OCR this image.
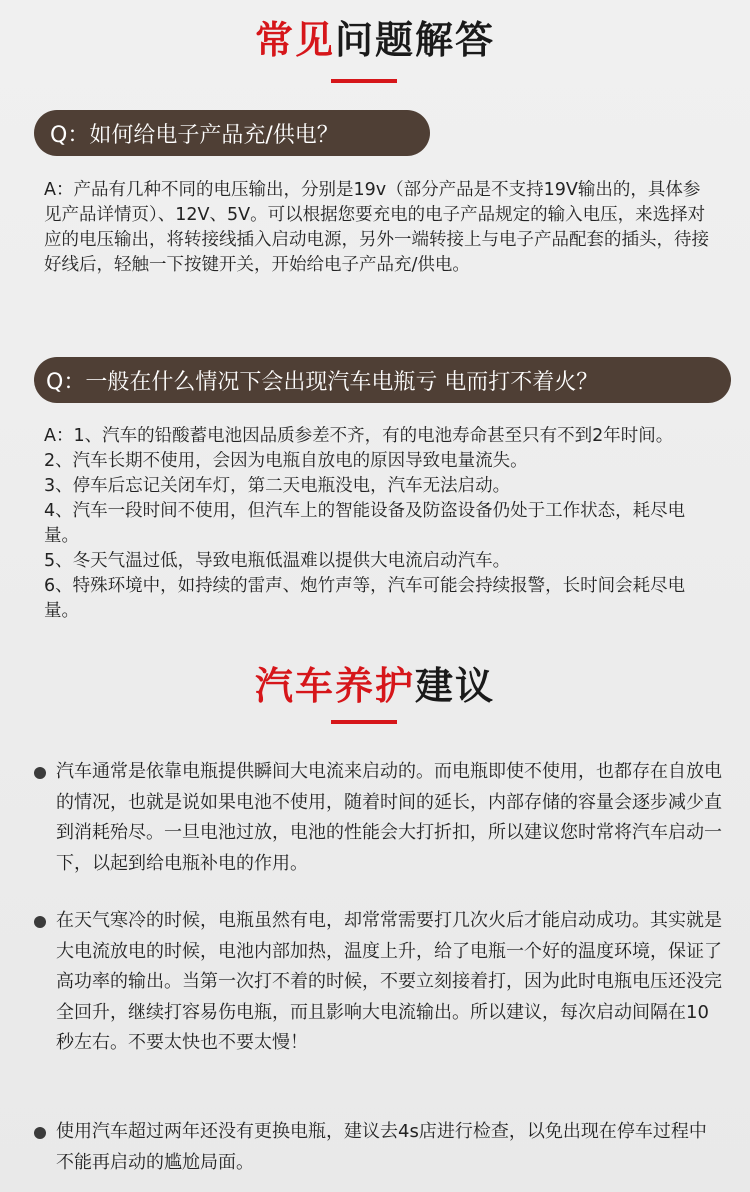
常见问题解答
Q：如何给电子产品充/供电？

A：产品有几种不同的电压输出，分别是19v（部分产品是不支持19V输出的，具体参见产品详情页）、12V、5V。可以根据您要充电的电子产品规定的输入电压，来选择对应的电压输出，将转接线插入启动电源，另外一端转接上与电子产品配套的插头，待接好线后，轻触一下按键开关，开始给电子产品充/供电。

Q：一般在什么情况下会出现汽车电瓶亏 电而打不着火？

A：1、汽车的铅酸蓄电池因品质参差不齐，有的电池寿命甚至只有不到2年时间。

2、汽车长期不使用，会因为电瓶自放电的原因导致电量流失。

3、停车后忘记关闭车灯，第二天电瓶没电，汽车无法启动。

4、汽车一段时间不使用，但汽车上的智能设备及防盗设备仍处于工作状态，耗尽电量。

5、冬天气温过低，导致电瓶低温难以提供大电流启动汽车。

6、特殊环境中，如持续的雷声、炮竹声等，汽车可能会持续报警，长时间会耗尽电量。

汽车养护建议
汽车通常是依靠电瓶提供瞬间大电流来启动的。而电瓶即使不使用，也都存在自放电的情况，也就是说如果电池不使用，随着时间的延长，内部存储的容量会逐步减少直到消耗殆尽。一旦电池过放，电池的性能会大打折扣，所以建议您时常将汽车启动一下，以起到给电瓶补电的作用。
在天气寒冷的时候，电瓶虽然有电，却常常需要打几次火后才能启动成功。其实就是大电流放电的时候，电池内部加热，温度上升，给了电瓶一个好的温度环境，保证了高功率的输出。当第一次打不着的时候，不要立刻接着打，因为此时电瓶电压还没完全回升，继续打容易伤电瓶，而且影响大电流输出。所以建议，每次启动间隔在10秒左右。不要太快也不要太慢！
使用汽车超过两年还没有更换电瓶，建议去4s店进行检查，以免出现在停车过程中不能再启动的尴尬局面。
